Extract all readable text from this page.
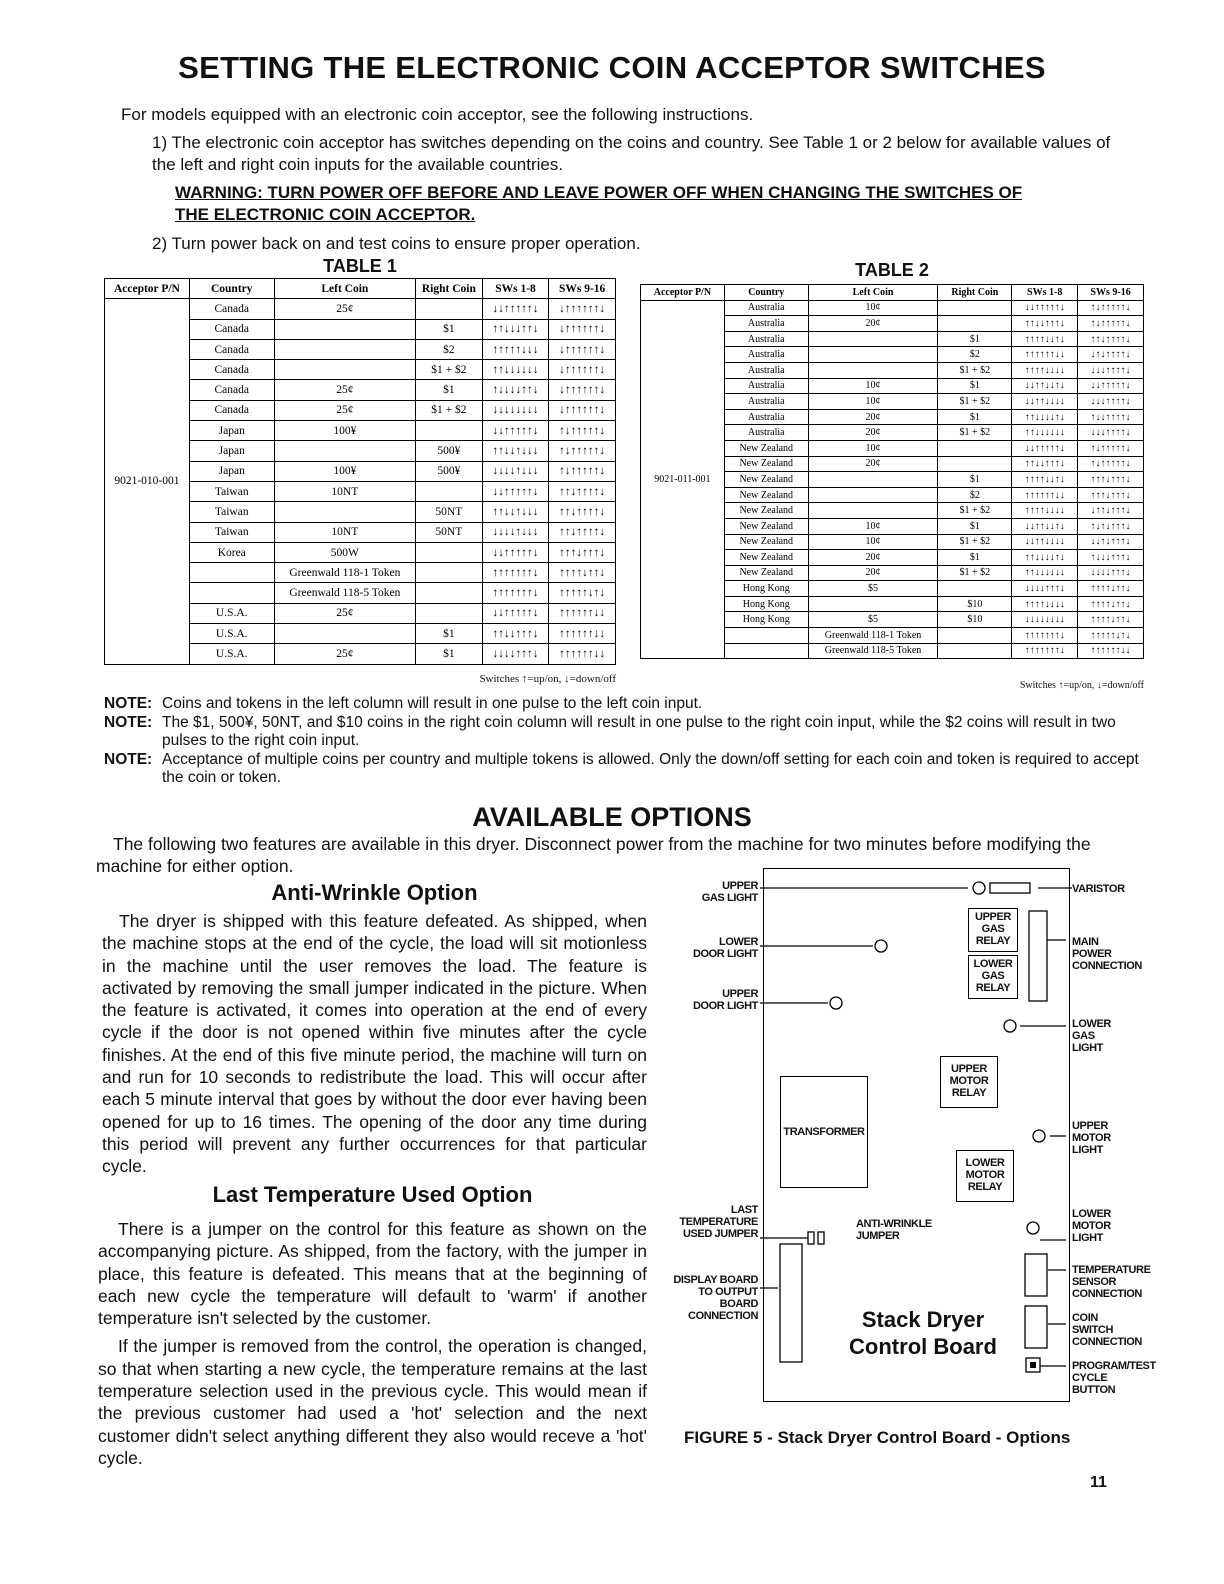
SETTING THE ELECTRONIC COIN ACCEPTOR SWITCHES

For models equipped with an electronic coin acceptor, see the following instructions.

1) The electronic coin acceptor has switches depending on the coins and country. See Table 1 or 2 below for available values of the left and right coin inputs for the available countries.

WARNING: TURN POWER OFF BEFORE AND LEAVE POWER OFF WHEN CHANGING THE SWITCHES OF THE ELECTRONIC COIN ACCEPTOR.

2) Turn power back on and test coins to ensure proper operation.

TABLE 1
Acceptor P/N	Country	Left Coin	Right Coin	SWs 1-8	SWs 9-16
9021-010-001	Canada	25¢		↓↓↑↑↑↑↑↓	↓↑↑↑↑↑↑↓
	Canada		$1	↑↑↓↓↓↑↑↓	↓↑↑↑↑↑↑↓
	Canada		$2	↑↑↑↑↑↓↓↓	↓↑↑↑↑↑↑↓
	Canada		$1 + $2	↑↑↓↓↓↓↓↓	↓↑↑↑↑↑↑↓
	Canada	25¢	$1	↑↓↓↓↓↑↑↓	↓↑↑↑↑↑↑↓
	Canada	25¢	$1 + $2	↓↓↓↓↓↓↓↓	↓↑↑↑↑↑↑↓
	Japan	100¥		↓↓↑↑↑↑↑↓	↑↓↑↑↑↑↑↓
	Japan		500¥	↑↑↓↓↑↓↓↓	↑↓↑↑↑↑↑↓
	Japan	100¥	500¥	↓↓↓↓↑↓↓↓	↑↓↑↑↑↑↑↓
	Taiwan	10NT		↓↓↑↑↑↑↑↓	↑↑↓↑↑↑↑↓
	Taiwan		50NT	↑↑↓↓↑↓↓↓	↑↑↓↑↑↑↑↓
	Taiwan	10NT	50NT	↓↓↓↓↑↓↓↓	↑↑↓↑↑↑↑↓
	Korea	500W		↓↓↑↑↑↑↑↓	↑↑↑↓↑↑↑↓
		Greenwald 118-1 Token		↑↑↑↑↑↑↑↓	↑↑↑↑↓↑↑↓
		Greenwald 118-5 Token		↑↑↑↑↑↑↑↓	↑↑↑↑↑↓↑↓
	U.S.A.	25¢		↓↓↑↑↑↑↑↓	↑↑↑↑↑↑↓↓
	U.S.A.		$1	↑↑↓↓↑↑↑↓	↑↑↑↑↑↑↓↓
	U.S.A.	25¢	$1	↓↓↓↓↑↑↑↓	↑↑↑↑↑↑↓↓
Switches ↑=up/on, ↓=down/off
TABLE 2
Acceptor P/N	Country	Left Coin	Right Coin	SWs 1-8	SWs 9-16
9021-011-001	Australia	10¢		↓↓↑↑↑↑↑↓	↑↓↑↑↑↑↑↓
	Australia	20¢		↑↑↓↓↑↑↑↓	↑↓↑↑↑↑↑↓
	Australia		$1	↑↑↑↑↓↓↑↓	↑↑↓↑↑↑↑↓
	Australia		$2	↑↑↑↑↑↑↓↓	↓↑↓↑↑↑↑↓
	Australia		$1 + $2	↑↑↑↑↓↓↓↓	↓↓↓↑↑↑↑↓
	Australia	10¢	$1	↓↓↑↑↓↓↑↓	↓↓↑↑↑↑↑↓
	Australia	10¢	$1 + $2	↓↓↑↑↓↓↓↓	↓↓↓↑↑↑↑↓
	Australia	20¢	$1	↑↑↓↓↓↓↑↓	↑↓↓↑↑↑↑↓
	Australia	20¢	$1 + $2	↑↑↓↓↓↓↓↓	↓↓↓↑↑↑↑↓
	New Zealand	10¢		↓↓↑↑↑↑↑↓	↑↓↑↑↑↑↑↓
	New Zealand	20¢		↑↑↓↓↑↑↑↓	↑↓↑↑↑↑↑↓
	New Zealand		$1	↑↑↑↑↓↓↑↓	↑↑↑↓↑↑↑↓
	New Zealand		$2	↑↑↑↑↑↑↓↓	↑↑↑↓↑↑↑↓
	New Zealand		$1 + $2	↑↑↑↑↓↓↓↓	↓↑↑↓↑↑↑↓
	New Zealand	10¢	$1	↓↓↑↑↓↓↑↓	↑↓↑↓↑↑↑↓
	New Zealand	10¢	$1 + $2	↓↓↑↑↓↓↓↓	↓↓↑↓↑↑↑↓
	New Zealand	20¢	$1	↑↑↓↓↓↓↑↓	↑↓↓↓↑↑↑↓
	New Zealand	20¢	$1 + $2	↑↑↓↓↓↓↓↓	↓↓↓↓↑↑↑↓
	Hong Kong	$5		↓↓↓↓↑↑↑↓	↑↑↑↑↓↑↑↓
	Hong Kong		$10	↑↑↑↑↓↓↓↓	↑↑↑↑↓↑↑↓
	Hong Kong	$5	$10	↓↓↓↓↓↓↓↓	↑↑↑↑↓↑↑↓
		Greenwald 118-1 Token		↑↑↑↑↑↑↑↓	↑↑↑↑↑↓↑↓
		Greenwald 118-5 Token		↑↑↑↑↑↑↑↓	↑↑↑↑↑↑↓↓
Switches ↑=up/on, ↓=down/off
NOTE: Coins and tokens in the left column will result in one pulse to the left coin input.
NOTE: The $1, 500¥, 50NT, and $10 coins in the right coin column will result in one pulse to the right coin input, while the $2 coins will result in two pulses to the right coin input.
NOTE: Acceptance of multiple coins per country and multiple tokens is allowed. Only the down/off setting for each coin and token is required to accept the coin or token.
AVAILABLE OPTIONS

The following two features are available in this dryer. Disconnect power from the machine for two minutes before modifying the machine for either option.

Anti-Wrinkle Option

The dryer is shipped with this feature defeated. As shipped, when the machine stops at the end of the cycle, the load will sit motionless in the machine until the user removes the load. The feature is activated by removing the small jumper indicated in the picture. When the feature is activated, it comes into operation at the end of every cycle if the door is not opened within five minutes after the cycle finishes. At the end of this five minute period, the machine will turn on and run for 10 seconds to redistribute the load. This will occur after each 5 minute interval that goes by without the door ever having been opened for up to 16 times. The opening of the door any time during this period will prevent any further occurrences for that particular cycle.

Last Temperature Used Option

There is a jumper on the control for this feature as shown on the accompanying picture. As shipped, from the factory, with the jumper in place, this feature is defeated. This means that at the beginning of each new cycle the temperature will default to 'warm' if another temperature isn't selected by the customer.

If the jumper is removed from the control, the operation is changed, so that when starting a new cycle, the temperature remains at the last temperature selection used in the previous cycle. This would mean if the previous customer had used a 'hot' selection and the next customer didn't select anything different they also would receve a 'hot' cycle.

UPPER
GAS
RELAY
LOWER
GAS
RELAY
UPPER
MOTOR
RELAY
LOWER
MOTOR
RELAY
TRANSFORMER
Stack Dryer
Control Board
UPPER
GAS LIGHT
LOWER
DOOR LIGHT
UPPER
DOOR LIGHT
LAST
TEMPERATURE
USED JUMPER
DISPLAY BOARD
TO OUTPUT
BOARD
CONNECTION
ANTI-WRINKLE
JUMPER
VARISTOR
MAIN
POWER
CONNECTION
LOWER
GAS
LIGHT
UPPER
MOTOR
LIGHT
LOWER
MOTOR
LIGHT
TEMPERATURE
SENSOR
CONNECTION
COIN
SWITCH
CONNECTION
PROGRAM/TEST
CYCLE
BUTTON
FIGURE 5 - Stack Dryer Control Board - Options
11
